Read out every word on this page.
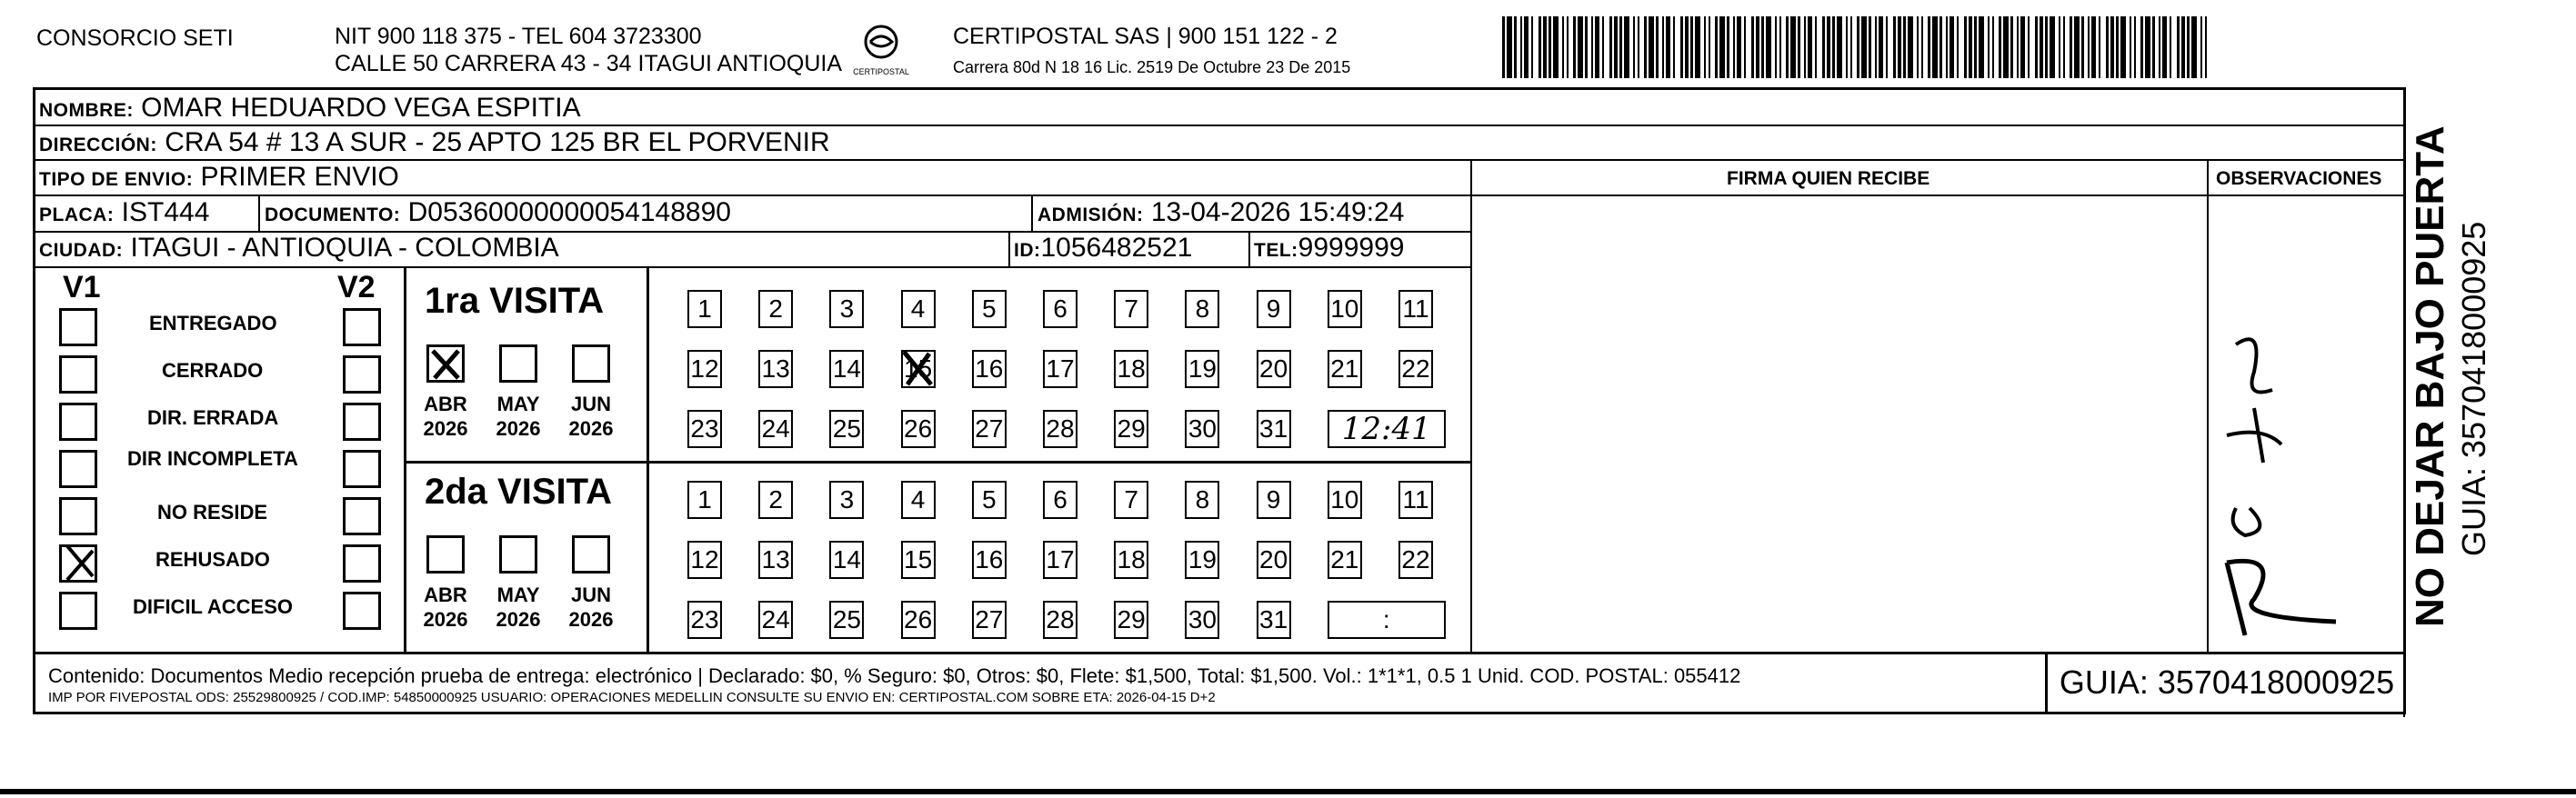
CONSORCIO SETI	NIT 900 118 375 - TEL 604 3723300
CALLE 50 CARRERA 43 - 34 ITAGUI ANTIOQUIA CERTIPOSTAL
CERTIPOSTAL SAS | 900 151 122 - 2
Carrera 80d N 18 16 Lic. 2519 De Octubre 23 De 2015
NOMBRE: OMAR HEDUARDO VEGA ESPITIA
DIRECCIÓN: CRA 54 # 13 A SUR - 25 APTO 125 BR EL PORVENIR
TIPO DE ENVIO: PRIMER ENVIO	FIRMA QUIEN RECIBE	OBSERVACIONES
PLACA: IST444	DOCUMENTO: D05360000000054148890	ADMISIÓN: 13-04-2026 15:49:24
CIUDAD: ITAGUI - ANTIOQUIA - COLOMBIA	ID:1056482521	TEL:9999999
V1	V2
ENTREGADO
CERRADO
DIR. ERRADA
DIR INCOMPLETA
NO RESIDE
REHUSADO
DIFICIL ACCESO
1ra VISITA
ABR
2026
MAY
2026
JUN
2026
1	2	3	4	5	6	7	8	9	10 11
12 13 14 15 16 17 18 19 20 21 22
23 24 25 26 27 28 29 30 31	12:41
2da VISITA
ABR
2026
MAY
2026
JUN
2026
1	2	3	4	5	6	7	8	9	10 11
12 13 14 15 16 17 18 19 20 21 22
23 24 25 26 27 28 29 30 31	:
Contenido: Documentos Medio recepción prueba de entrega: electrónico | Declarado: $0, % Seguro: $0, Otros: $0, Flete: $1,500, Total: $1,500. Vol.: 1*1*1, 0.5 1 Unid. COD. POSTAL: 055412
IMP POR FIVEPOSTAL ODS: 25529800925 / COD.IMP: 54850000925 USUARIO: OPERACIONES MEDELLIN CONSULTE SU ENVIO EN: CERTIPOSTAL.COM SOBRE ETA: 2026-04-15 D+2	GUIA: 3570418000925
NO DEJAR BAJO PUERTA GUIA: 3570418000925
